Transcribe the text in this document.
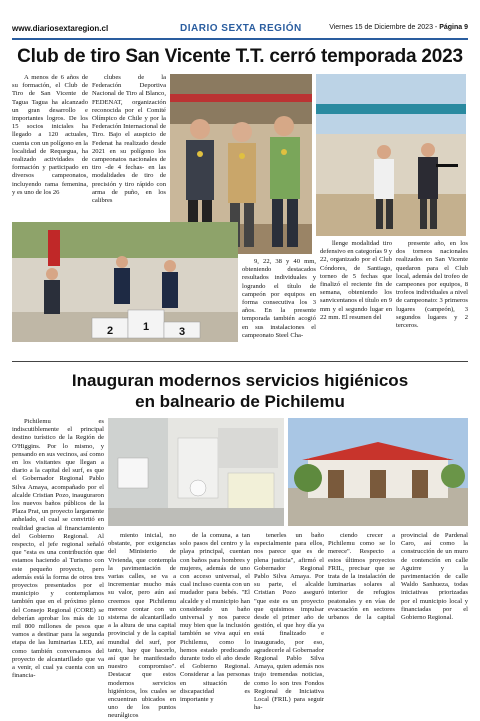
www.diariosextaregion.cl	DIARIO SEXTA REGIÓN	Viernes 15 de Diciembre de 2023 - Página 9
Club de tiro San Vicente T.T. cerró temporada 2023

A menos de 6 años de su formación, el Club de Tiro de San Vicente de Tagua Tagua ha alcanzado un gran desarrollo e importantes logros. De los 15 socios iniciales ha llegado a 120 actuales, cuenta con un polígono en la localidad de Requegua, ha realizado actividades de formación y participado en diversos campeonatos, incluyendo rama femenina, y es uno de los 26

clubes de la Federación Deportiva Nacional de Tiro al Blanco, FEDENAT, organización reconocida por el Comité Olímpico de Chile y por la Federación Internacional de Tiro. Bajo el auspicio de Fedenat ha realizado desde 2021 en su polígono los campeonatos nacionales de tiro -de 4 fechas- en las modalidades de tiro de precisión y tiro rápido con arma de puño, en los calibres

2	1	3

9, 22, 38 y 40 mm, obteniendo destacados resultados individuales y logrando el título de campeón por equipos en forma consecutiva los 3 años. En la presente temporada también acogió en sus instalaciones el campeonato Steel Cha-

llenge modalidad tiro defensivo en categorías 9 y 22, organizado por el Club Cóndores, de Santiago, torneo de 5 fechas que finalizó el reciente fin de semana, obteniendo los sanvicentanos el título en 9 mm y el segundo lugar en 22 mm. El resumen del

presente año, en los dos torneos nacionales realizados en San Vicente quedaron para el Club local, además del trofeo de campeones por equipos, 8 trofeos individuales a nivel de campeonato: 3 primeros lugares (campeón), 3 segundos lugares y 2 terceros.

Inauguran modernos servicios higiénicos
en balneario de Pichilemu

Pichilemu es indiscutiblemente el principal destino turístico de la Región de O'Higgins. Por lo mismo, y pensando en sus vecinos, así como en los visitantes que llegan a diario a la capital del surf, es que el Gobernador Regional Pablo Silva Amaya, acompañado por el alcalde Cristian Pozo, inauguraron los nuevos baños públicos de la Plaza Prat, un proyecto largamente anhelado, el cual se convirtió en realidad gracias al financiamiento del Gobierno Regional. Al respecto, el jefe regional señaló que "esta es una contribución que estamos haciendo al Turismo con este pequeño proyecto, pero además está la forma de otros tres proyectos presentados por el municipio y contemplamos también que en el próximo pleno del Consejo Regional (CORE) se deberían aprobar los más de 10 mil 800 millones de pesos que vamos a destinar para la segunda etapa de las luminarias LED, así como también conversamos del proyecto de alcantarillado que va a venir, el cual ya cuenta con un financia-

miento inicial, no obstante, por exigencias del Ministerio de Vivienda, que contempla la pavimentación de varias calles, se va a incrementar mucho más su valor, pero aún así creemos que Pichilemu merece contar con un sistema de alcantarillado a la altura de una capital provincial y de la capital mundial del surf, por tanto, hay que hacerlo, así que he manifestado nuestro compromiso". Destacar que estos modernos servicios higiénicos, los cuales se encuentran ubicados en uno de los puntos neurálgicos

de la comuna, a tan solo pasos del centro y la playa principal, cuentan con baños para hombres y mujeres, además de uno con acceso universal, el cual incluso cuenta con un mudador para bebés. "El alcalde y el municipio han considerado un baño universal y nos parece muy bien que la inclusión también se viva aquí en Pichilemu, como lo hemos estado predicando durante todo el año desde el Gobierno Regional. Considerar a las personas en situación de discapacidad es importante y

tenerles un baño especialmente para ellos, nos parece que es de plena justicia", afirmó el Gobernador Regional Pablo Silva Amaya. Por su parte, el alcalde Cristian Pozo aseguró "que este es un proyecto que quisimos impulsar desde el primer año de gestión, el que hoy día ya está finalizado e inaugurado, por eso, agradecerle al Gobernador Regional Pablo Silva Amaya, quien además nos trajo tremendas noticias, como lo son tres Fondos Regional de Iniciativa Local (FRIL) para seguir ha-

ciendo crecer a Pichilemu como se lo merece". Respecto a estos últimos proyectos FRIL, precisar que se trata de la instalación de luminarias solares al interior de refugios peatonales y en vías de evacuación en sectores urbanos de la capital provincial de Pardenal Caro, así como la construcción de un muro de contención en calle Aguirre y la pavimentación de calle Waldo Sanhueza, todas iniciativas priorizadas por el municipio local y financiadas por el Gobierno Regional.
